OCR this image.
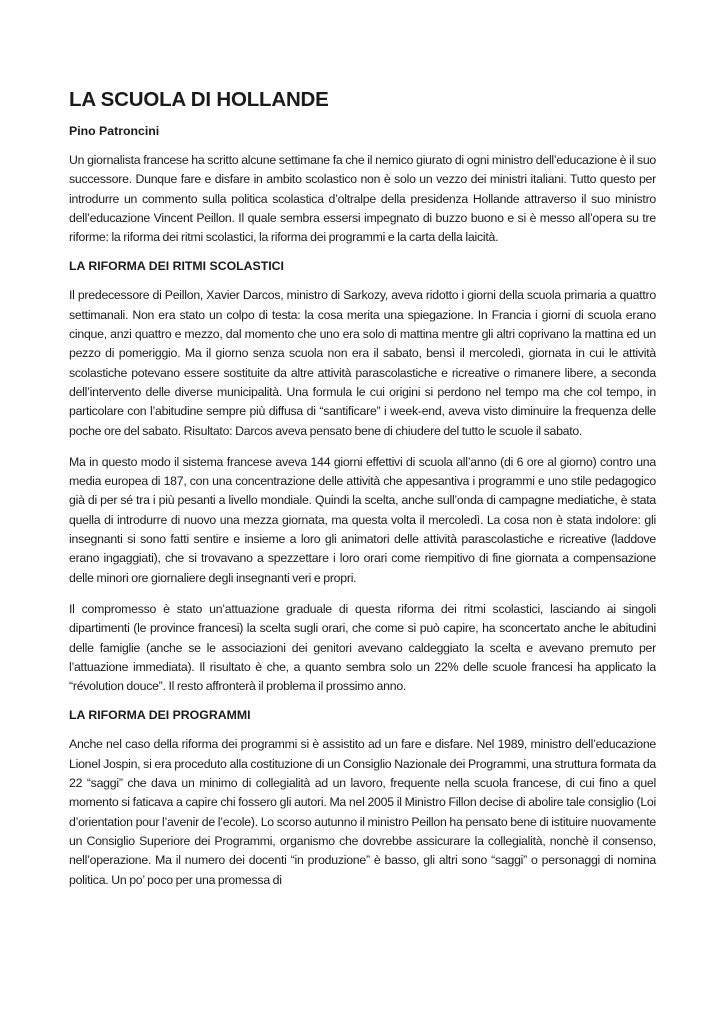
LA SCUOLA DI HOLLANDE

Pino Patroncini

Un giornalista francese ha scritto alcune settimane fa che il nemico giurato di ogni ministro dell’educazione è il suo successore. Dunque fare e disfare in ambito scolastico non è solo un vezzo dei ministri italiani. Tutto questo per introdurre un commento sulla politica scolastica d’oltralpe della presidenza Hollande attraverso il suo ministro dell’educazione Vincent Peillon. Il quale sembra essersi impegnato di buzzo buono e si è messo all’opera su tre riforme: la riforma dei ritmi scolastici, la riforma dei programmi e la carta della laicità.

LA RIFORMA DEI RITMI SCOLASTICI

Il predecessore di Peillon, Xavier Darcos, ministro di Sarkozy, aveva ridotto i giorni della scuola primaria a quattro settimanali. Non era stato un colpo di testa: la cosa merita una spiegazione. In Francia i giorni di scuola erano cinque, anzi quattro e mezzo, dal momento che uno era solo di mattina mentre gli altri coprivano la mattina ed un pezzo di pomeriggio. Ma il giorno senza scuola non era il sabato, bensì il mercoledì, giornata in cui le attività scolastiche potevano essere sostituite da altre attività parascolastiche e ricreative o rimanere libere, a seconda dell’intervento delle diverse municipalità. Una formula le cui origini si perdono nel tempo ma che col tempo, in particolare con l’abitudine sempre più diffusa di “santificare” i week-end, aveva visto diminuire la frequenza delle poche ore del sabato. Risultato: Darcos aveva pensato bene di chiudere del tutto le scuole il sabato.

Ma in questo modo il sistema francese aveva 144 giorni effettivi di scuola all’anno (di 6 ore al giorno) contro una media europea di 187, con una concentrazione delle attività che appesantiva i programmi e uno stile pedagogico già di per sé tra i più pesanti a livello mondiale. Quindi la scelta, anche sull’onda di campagne mediatiche, è stata quella di introdurre di nuovo una mezza giornata, ma questa volta il mercoledì. La cosa non è stata indolore: gli insegnanti si sono fatti sentire e insieme a loro gli animatori delle attività parascolastiche e ricreative (laddove erano ingaggiati), che si trovavano a spezzettare i loro orari come riempitivo di fine giornata a compensazione delle minori ore giornaliere degli insegnanti veri e propri.

Il compromesso è stato un’attuazione graduale di questa riforma dei ritmi scolastici, lasciando ai singoli dipartimenti (le province francesi) la scelta sugli orari, che come si può capire, ha sconcertato anche le abitudini delle famiglie (anche se le associazioni dei genitori avevano caldeggiato la scelta e avevano premuto per l’attuazione immediata). Il risultato è che, a quanto sembra solo un 22% delle scuole francesi ha applicato la “révolution douce”. Il resto affronterà il problema il prossimo anno.

LA RIFORMA DEI PROGRAMMI

Anche nel caso della riforma dei programmi si è assistito ad un fare e disfare. Nel 1989, ministro dell’educazione Lionel Jospin, si era proceduto alla costituzione di un Consiglio Nazionale dei Programmi, una struttura formata da 22 “saggi” che dava un minimo di collegialità ad un lavoro, frequente nella scuola francese, di cui fino a quel momento si faticava a capire chi fossero gli autori. Ma nel 2005 il Ministro Fillon decise di abolire tale consiglio (Loi d’orientation pour l’avenir de l’ecole). Lo scorso autunno il ministro Peillon ha pensato bene di istituire nuovamente un Consiglio Superiore dei Programmi, organismo che dovrebbe assicurare la collegialità, nonchè il consenso, nell’operazione. Ma il numero dei docenti “in produzione” è basso, gli altri sono “saggi” o personaggi di nomina politica. Un po’ poco per una promessa di
